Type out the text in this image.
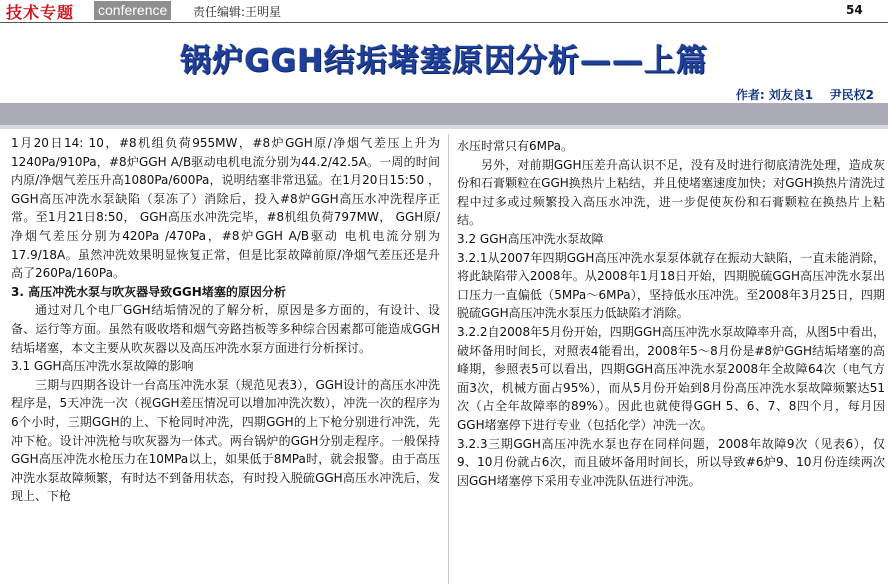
技术专题 conference	责任编辑:王明星	54
锅炉GGH结垢堵塞原因分析——上篇
作者: 刘友良1 尹民权2

1月20日14: 10，#8机组负荷955MW，#8炉GGH原/净烟气差压上升为1240Pa/910Pa，#8炉GGH A/B驱动电机电流分别为44.2/42.5A。一周的时间内原/净烟气差压升高1080Pa/600Pa，说明结塞非常迅猛。在1月20日15:50 ，GGH高压冲洗水泵缺陷（泵冻了）消除后，投入#8炉GGH高压水冲洗程序正常。至1月21日8:50， GGH高压水冲洗完毕，#8机组负荷797MW， GGH原/净烟气差压分别为420Pa /470Pa，#8炉GGH A/B驱动 电机电流分别为17.9/18A。虽然冲洗效果明显恢复正常，但是比泵故障前原/净烟气差压还是升高了260Pa/160Pa。

3. 高压冲洗水泵与吹灰器导致GGH堵塞的原因分析

通过对几个电厂GGH结垢情况的了解分析，原因是多方面的，有设计、设备、运行等方面。虽然有吸收塔和烟气旁路挡板等多种综合因素都可能造成GGH结垢堵塞，本文主要从吹灰器以及高压冲洗水泵方面进行分析探讨。

3.1 GGH高压冲洗水泵故障的影响

三期与四期各设计一台高压冲洗水泵（规范见表3），GGH设计的高压水冲洗程序是，5天冲洗一次（视GGH差压情况可以增加冲洗次数），冲洗一次的程序为6个小时，三期GGH的上、下枪同时冲洗，四期GGH的上下枪分别进行冲洗，先冲下枪。设计冲洗枪与吹灰器为一体式。两台锅炉的GGH分别走程序。一般保持GGH高压冲洗水枪压力在10MPa以上，如果低于8MPa时，就会报警。由于高压冲洗水泵故障频繁，有时达不到备用状态，有时投入脱硫GGH高压水冲洗后，发现上、下枪

水压时常只有6MPa。

另外，对前期GGH压差升高认识不足，没有及时进行彻底清洗处理，造成灰份和石膏颗粒在GGH换热片上粘结，并且使堵塞速度加快；对GGH换热片清洗过程中过多或过频繁投入高压水冲洗，进一步促使灰份和石膏颗粒在换热片上粘结。

3.2 GGH高压冲洗水泵故障

3.2.1从2007年四期GGH高压冲洗水泵泵体就存在振动大缺陷，一直未能消除，将此缺陷带入2008年。从2008年1月18日开始，四期脱硫GGH高压冲洗水泵出口压力一直偏低（5MPa～6MPa），坚持低水压冲洗。至2008年3月25日，四期脱硫GGH高压冲洗水泵压力低缺陷才消除。

3.2.2自2008年5月份开始，四期GGH高压冲洗水泵故障率升高，从图5中看出，破坏备用时间长，对照表4能看出，2008年5～8月份是#8炉GGH结垢堵塞的高峰期，参照表5可以看出，四期GGH高压冲洗水泵2008年全故障64次（电气方面3次，机械方面占95%），而从5月份开始到8月份高压冲洗水泵故障频繁达51次（占全年故障率的89%）。因此也就使得GGH 5、6、7、8四个月，每月因GGH堵塞停下进行专业（包括化学）冲洗一次。

3.2.3三期GGH高压冲洗水泵也存在同样问题，2008年故障9次（见表6），仅9、10月份就占6次，而且破坏备用时间长，所以导致#6炉9、10月份连续两次因GGH堵塞停下采用专业冲洗队伍进行冲洗。
